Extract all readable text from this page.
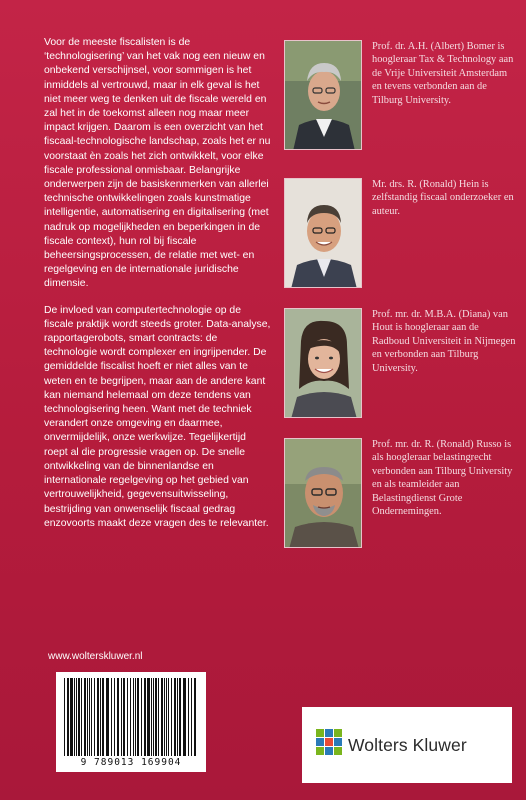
Voor de meeste fiscalisten is de ‘technologisering’ van het vak nog een nieuw en onbekend verschijnsel, voor sommigen is het inmiddels al vertrouwd, maar in elk geval is het niet meer weg te denken uit de fiscale wereld en zal het in de toekomst alleen nog maar meer impact krijgen. Daarom is een overzicht van het fiscaal-technologische landschap, zoals het er nu voorstaat èn zoals het zich ontwikkelt, voor elke fiscale professional onmisbaar. Belangrijke onderwerpen zijn de basiskenmerken van allerlei technische ontwikkelingen zoals kunstmatige intelligentie, automatisering en digitalisering (met nadruk op mogelijkheden en beperkingen in de fiscale context), hun rol bij fiscale beheersingsprocessen, de relatie met wet- en regelgeving en de internationale juridische dimensie.

De invloed van computertechnologie op de fiscale praktijk wordt steeds groter. Data-analyse, rapportagerobots, smart contracts: de technologie wordt complexer en ingrijpender. De gemiddelde fiscalist hoeft er niet alles van te weten en te begrijpen, maar aan de andere kant kan niemand helemaal om deze tendens van technologisering heen. Want met de techniek verandert onze omgeving en daarmee, onvermijdelijk, onze werkwijze. Tegelijkertijd roept al die progressie vragen op. De snelle ontwikkeling van de binnenlandse en internationale regelgeving op het gebied van vertrouwelijkheid, gegevensuitwisseling, bestrijding van onwenselijk fiscaal gedrag enzovoorts maakt deze vragen des te relevanter.

www.wolterskluwer.nl
9 789013 169904
Prof. dr. A.H. (Albert) Bomer is hoogleraar Tax & Technology aan de Vrije Universiteit Amsterdam en tevens verbonden aan de Tilburg University.
Mr. drs. R. (Ronald) Hein is zelfstandig fiscaal onderzoeker en auteur.
Prof. mr. dr. M.B.A. (Diana) van Hout is hoogleraar aan de Radboud Universiteit in Nijmegen en verbonden aan Tilburg University.
Prof. mr. dr. R. (Ronald) Russo is als hoogleraar belastingrecht verbonden aan Tilburg University en als teamleider aan Belastingdienst Grote Ondernemingen.
Wolters Kluwer
